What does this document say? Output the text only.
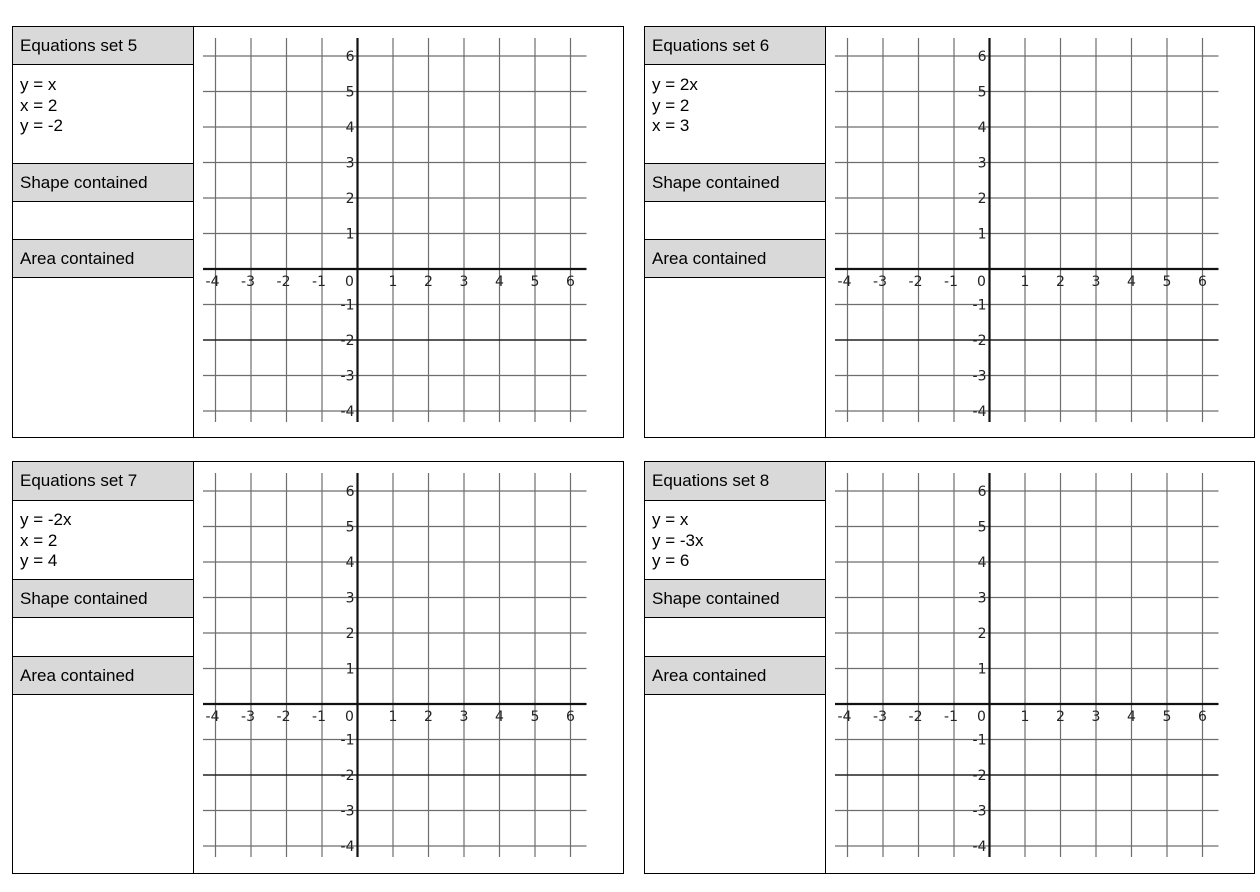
Equations set 5
y = x
x = 2
y = -2
Shape contained
Area contained
-4 -3 -2 -1 0 1 2 3 4 5 6
6
5
4
3
2
1
-1
-2
-3
-4
Equations set 6
y = 2x
y = 2
x = 3
Shape contained
Area contained
-4 -3 -2 -1 0 1 2 3 4 5 6
6
5
4
3
2
1
-1
-2
-3
-4
Equations set 7
y = -2x
x = 2
y = 4
Shape contained
Area contained
-4 -3 -2 -1 0 1 2 3 4 5 6
6
5
4
3
2
1
-1
-2
-3
-4
Equations set 8
y = x
y = -3x
y = 6
Shape contained
Area contained
-4 -3 -2 -1 0 1 2 3 4 5 6
6
5
4
3
2
1
-1
-2
-3
-4
